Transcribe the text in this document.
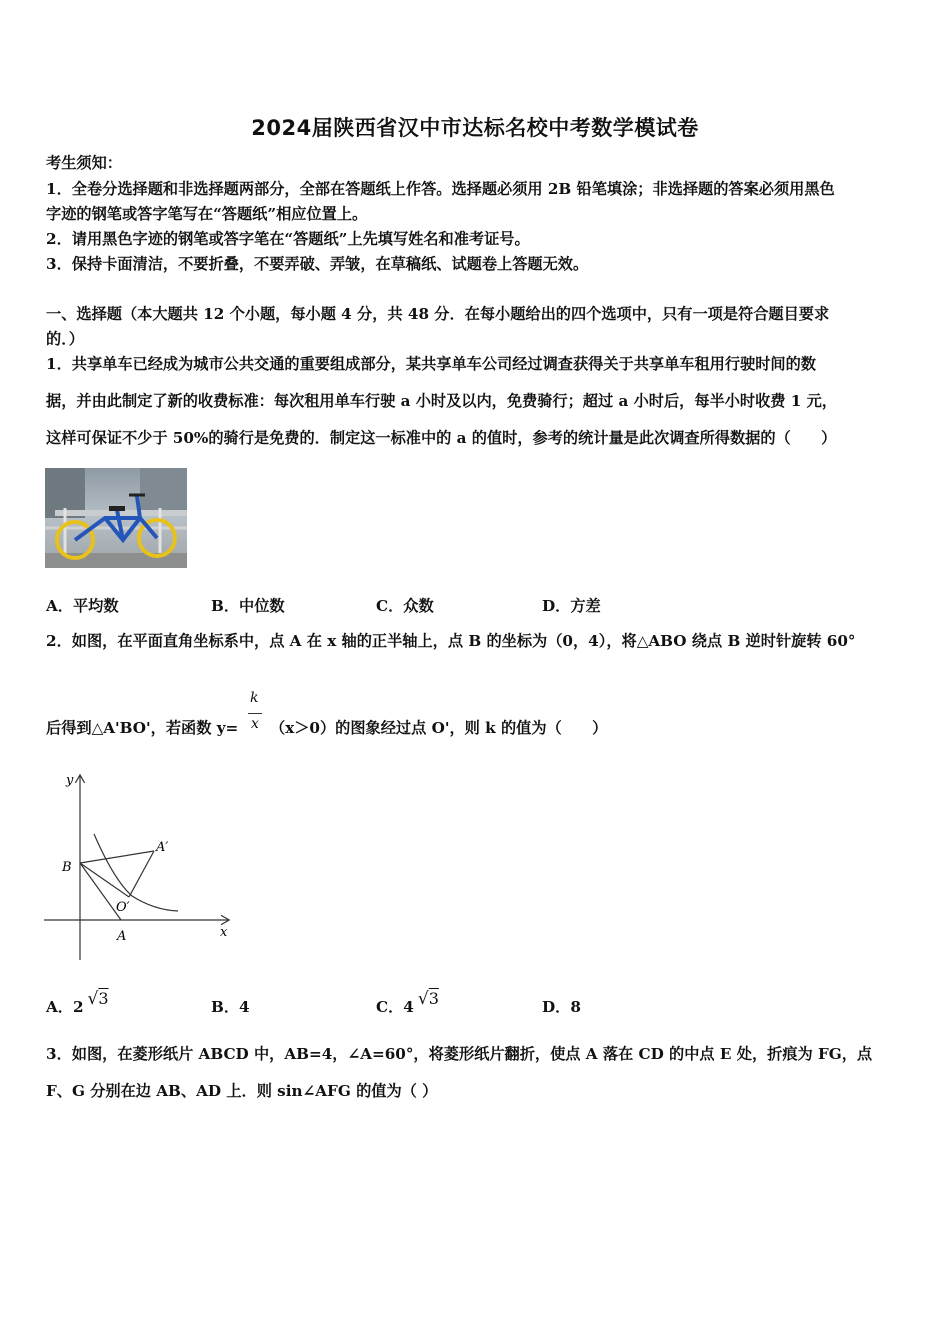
2024届陕西省汉中市达标名校中考数学模试卷
考生须知：
1．全卷分选择题和非选择题两部分，全部在答题纸上作答。选择题必须用 2B 铅笔填涂；非选择题的答案必须用黑色
字迹的钢笔或答字笔写在“答题纸”相应位置上。
2．请用黑色字迹的钢笔或答字笔在“答题纸”上先填写姓名和准考证号。
3．保持卡面清洁，不要折叠，不要弄破、弄皱，在草稿纸、试题卷上答题无效。
一、选择题（本大题共 12 个小题，每小题 4 分，共 48 分．在每小题给出的四个选项中，只有一项是符合题目要求
的．）
1．共享单车已经成为城市公共交通的重要组成部分，某共享单车公司经过调查获得关于共享单车租用行驶时间的数
据，并由此制定了新的收费标准：每次租用单车行驶 a 小时及以内，免费骑行；超过 a 小时后，每半小时收费 1 元，
这样可保证不少于 50%的骑行是免费的．制定这一标准中的 a 的值时，参考的统计量是此次调查所得数据的（　　）
A．平均数	B．中位数	C．众数	D．方差
2．如图，在平面直角坐标系中，点 A 在 x 轴的正半轴上，点 B 的坐标为（0，4），将△ABO 绕点 B 逆时针旋转 60°
后得到△A'BO'，若函数 y=
k
x （x＞0）的图象经过点 O'，则 k 的值为（　　）
y
x
B
A
A′
O′
A．2 √3	B．4	C．4 √3	D．8
3．如图，在菱形纸片 ABCD 中，AB=4，∠A=60°，将菱形纸片翻折，使点 A 落在 CD 的中点 E 处，折痕为 FG，点
F、G 分别在边 AB、AD 上．则 sin∠AFG 的值为（ ）
